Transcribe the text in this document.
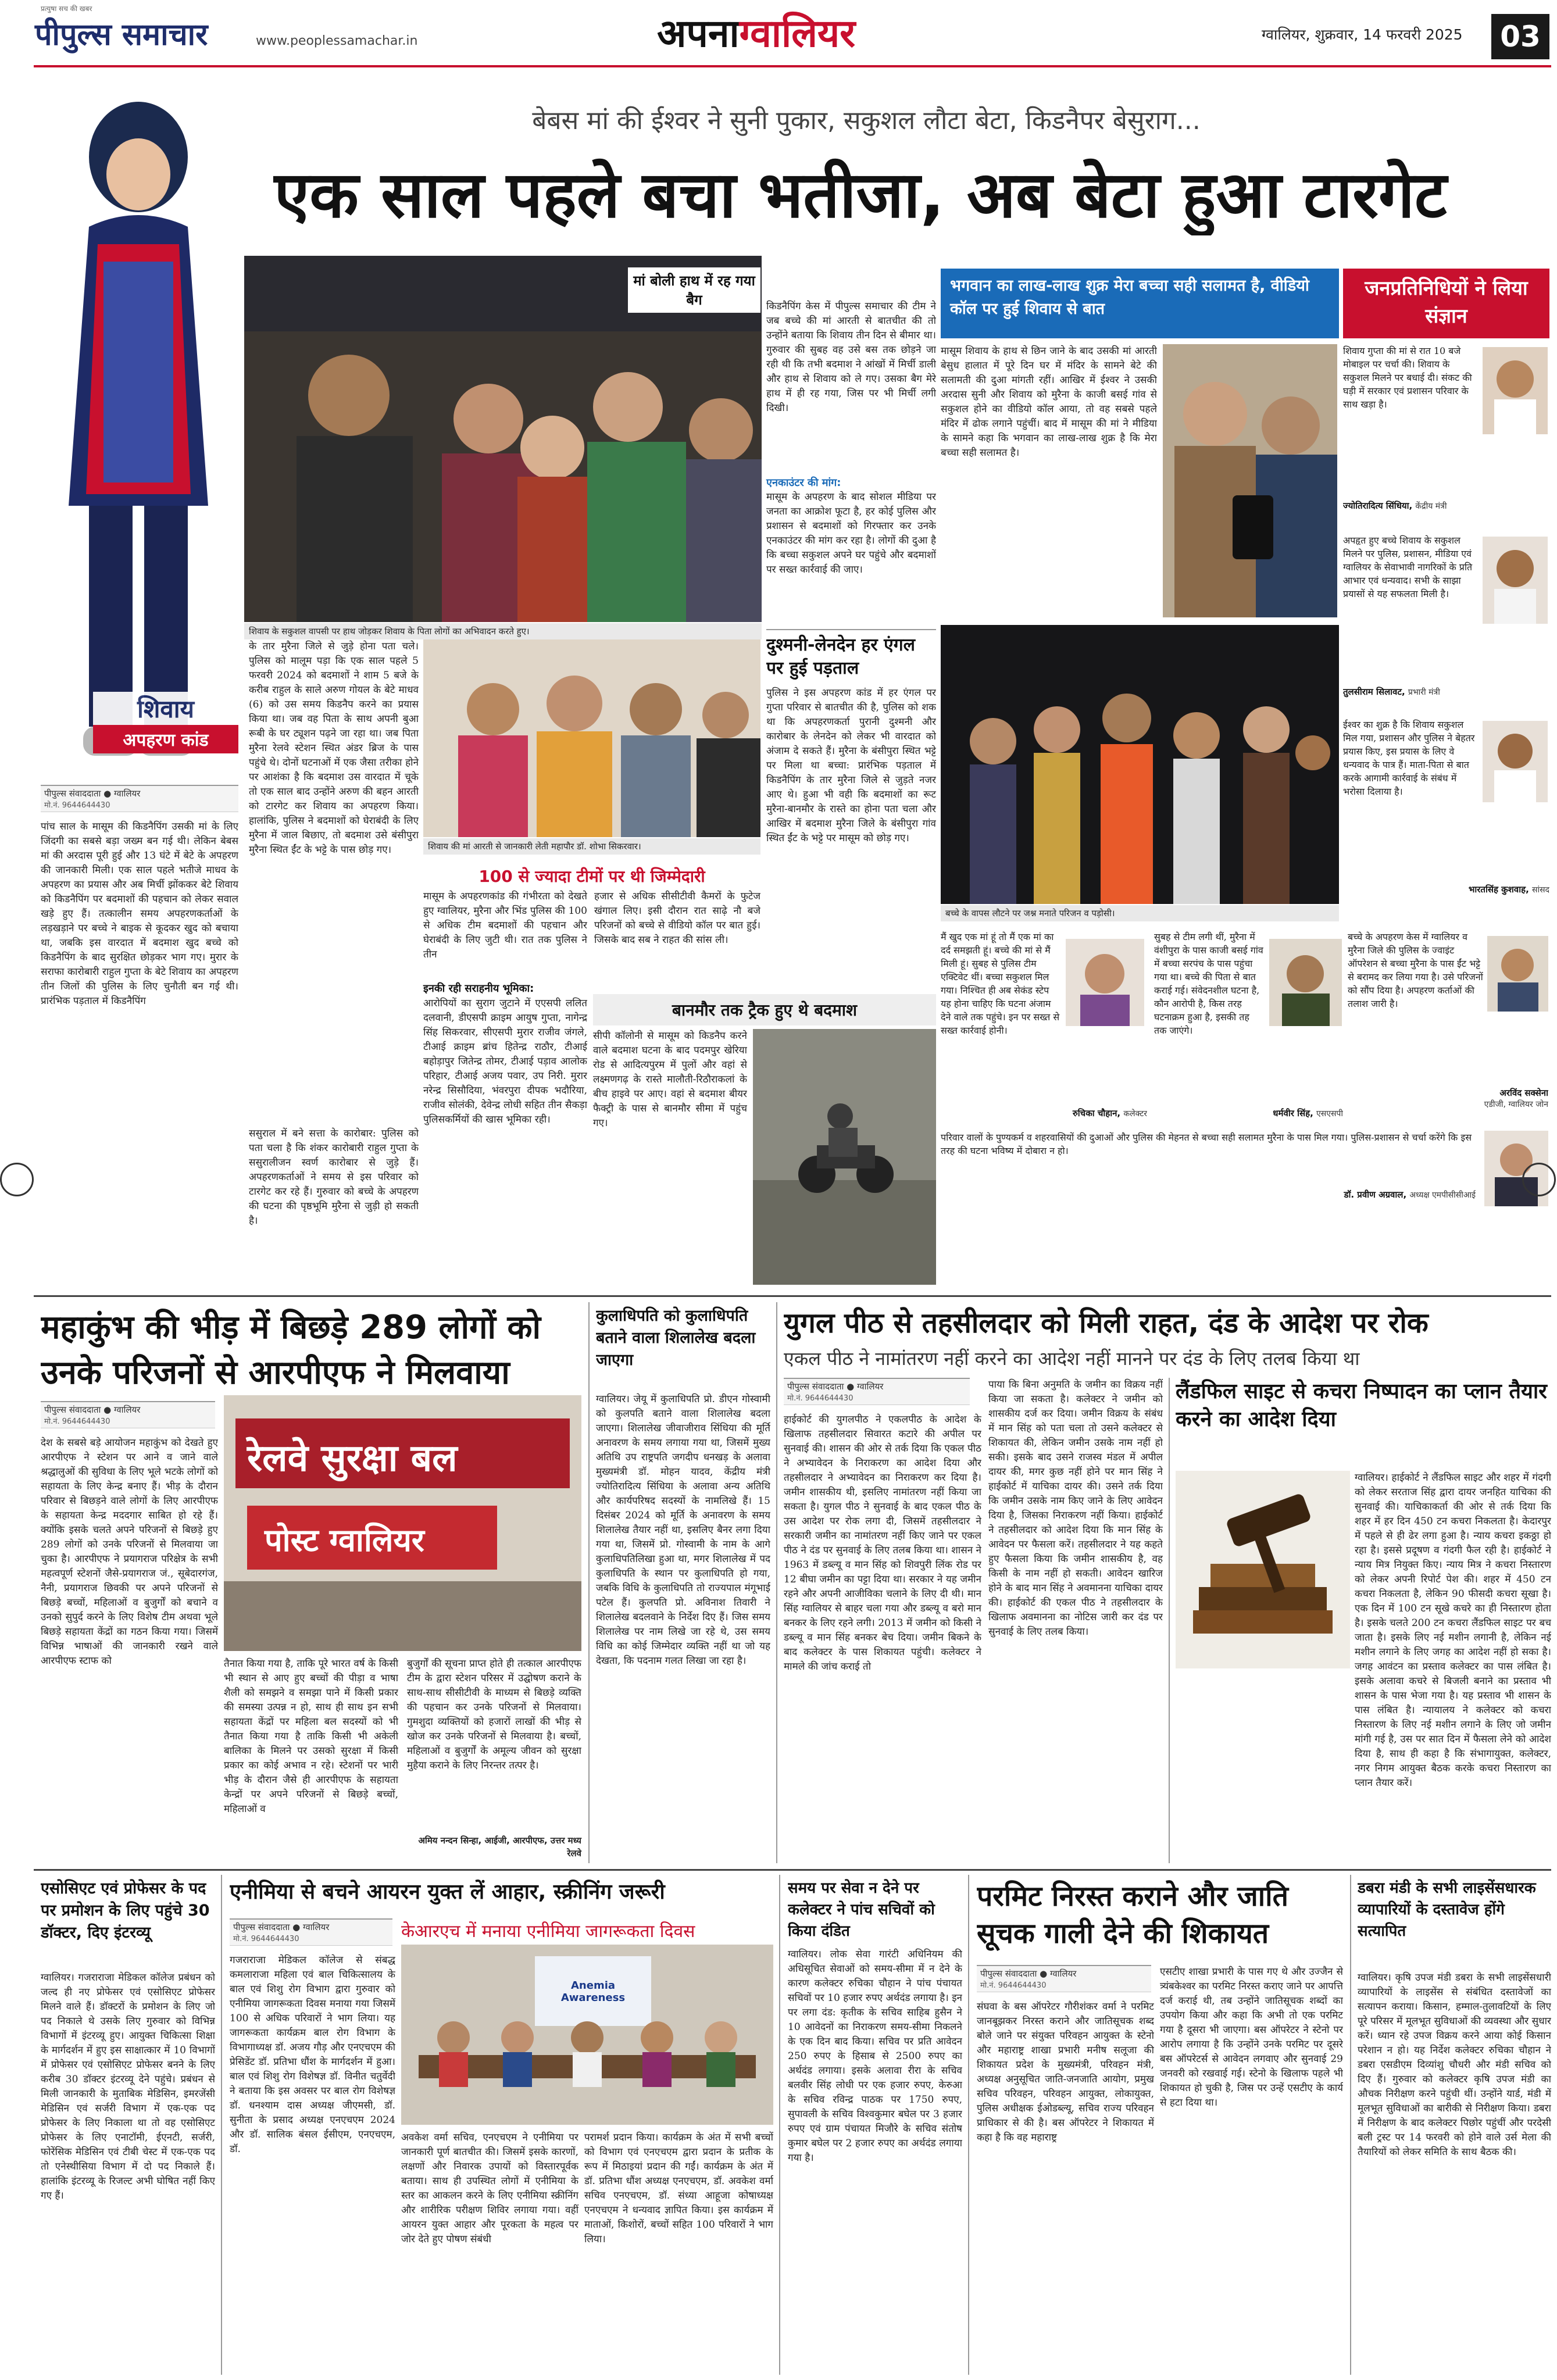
प्रत्युषा सच की खबर
पीपुल्स समाचार	www.peoplessamachar.in	अपनाग्वालियर	ग्वालियर, शुक्रवार, 14 फरवरी 2025	03
बेबस मां की ईश्वर ने सुनी पुकार, सकुशल लौटा बेटा, किडनैपर बेसुराग...
एक साल पहले बचा भतीजा, अब बेटा हुआ टारगेट
शिवाय
अपहरण कांड
मां बोली हाथ में रह गया बैग
शिवाय के सकुशल वापसी पर हाथ जोड़कर शिवाय के पिता लोगों का अभिवादन करते हुए।
किडनैपिंग केस में पीपुल्स समाचार की टीम ने जब बच्चे की मां आरती से बातचीत की तो उन्होंने बताया कि शिवाय तीन दिन से बीमार था। गुरुवार की सुबह वह उसे बस तक छोड़ने जा रही थी कि तभी बदमाश ने आंखों में मिर्ची डाली और हाथ से शिवाय को ले गए। उसका बैग मेरे हाथ में ही रह गया, जिस पर भी मिर्ची लगी दिखी।
एनकाउंटर की मांग:
मासूम के अपहरण के बाद सोशल मीडिया पर जनता का आक्रोश फूटा है, हर कोई पुलिस और प्रशासन से बदमाशों को गिरफ्तार कर उनके एनकाउंटर की मांग कर रहा है। लोगों की दुआ है कि बच्चा सकुशल अपने घर पहुंचे और बदमाशों पर सख्त कार्रवाई की जाए।
दुश्मनी-लेनदेन हर एंगल पर हुई पड़ताल
पुलिस ने इस अपहरण कांड में हर एंगल पर गुप्ता परिवार से बातचीत की है, पुलिस को शक था कि अपहरणकर्ता पुरानी दुश्मनी और कारोबार के लेनदेन को लेकर भी वारदात को अंजाम दे सकते हैं। मुरैना के बंसीपुरा स्थित भट्टे पर मिला था बच्चा: प्रारंभिक पड़ताल में किडनैपिंग के तार मुरैना जिले से जुड़ते नजर आए थे। हुआ भी वही कि बदमाशों का रूट मुरैना-बानमौर के रास्ते का होना पता चला और आखिर में बदमाश मुरैना जिले के बंसीपुरा गांव स्थित ईंट के भट्टे पर मासूम को छोड़ गए।
भगवान का लाख-लाख शुक्र मेरा बच्चा सही सलामत है, वीडियो कॉल पर हुई शिवाय से बात
मासूम शिवाय के हाथ से छिन जाने के बाद उसकी मां आरती बेसुध हालात में पूरे दिन घर में मंदिर के सामने बेटे की सलामती की दुआ मांगती रहीं। आखिर में ईश्वर ने उसकी अरदास सुनी और शिवाय को मुरैना के काजी बसई गांव से सकुशल होने का वीडियो कॉल आया, तो वह सबसे पहले मंदिर में ढोक लगाने पहुंचीं। बाद में मासूम की मां ने मीडिया के सामने कहा कि भगवान का लाख-लाख शुक्र है कि मेरा बच्चा सही सलामत है।
जनप्रतिनिधियों ने लिया संज्ञान
शिवाय गुप्ता की मां से रात 10 बजे मोबाइल पर चर्चा की। शिवाय के सकुशल मिलने पर बधाई दी। संकट की घड़ी में सरकार एवं प्रशासन परिवार के साथ खड़ा है।
ज्योतिरादित्य सिंधिया, केंद्रीय मंत्री
अपहृत हुए बच्चे शिवाय के सकुशल मिलने पर पुलिस, प्रशासन, मीडिया एवं ग्वालियर के सेवाभावी नागरिकों के प्रति आभार एवं धन्यवाद। सभी के साझा प्रयासों से यह सफलता मिली है।
तुलसीराम सिलावट, प्रभारी मंत्री
ईश्वर का शुक्र है कि शिवाय सकुशल मिल गया, प्रशासन और पुलिस ने बेहतर प्रयास किए, इस प्रयास के लिए वे धन्यवाद के पात्र हैं। माता-पिता से बात करके आगामी कार्रवाई के संबंध में भरोसा दिलाया है।
भारतसिंह कुशवाह, सांसद
पीपुल्स संवाददाता ● ग्वालियर
मो.नं. 9644644430
पांच साल के मासूम की किडनैपिंग उसकी मां के लिए जिंदगी का सबसे बड़ा जख्म बन गई थी। लेकिन बेबस मां की अरदास पूरी हुई और 13 घंटे में बेटे के अपहरण की जानकारी मिली। एक साल पहले भतीजे माधव के अपहरण का प्रयास और अब मिर्ची झोंककर बेटे शिवाय को किडनैपिंग पर बदमाशों की पहचान को लेकर सवाल खड़े हुए हैं। तत्कालीन समय अपहरणकर्ताओं के लड़खड़ाने पर बच्चे ने बाइक से कूदकर खुद को बचाया था, जबकि इस वारदात में बदमाश खुद बच्चे को किडनैपिंग के बाद सुरक्षित छोड़कर भाग गए। मुरार के सराफा कारोबारी राहुल गुप्ता के बेटे शिवाय का अपहरण तीन जिलों की पुलिस के लिए चुनौती बन गई थी। प्रारंभिक पड़ताल में किडनैपिंग
के तार मुरैना जिले से जुड़े होना पता चले। पुलिस को मालूम पड़ा कि एक साल पहले 5 फरवरी 2024 को बदमाशों ने शाम 5 बजे के करीब राहुल के साले अरुण गोयल के बेटे माधव (6) को उस समय किडनैप करने का प्रयास किया था। जब वह पिता के साथ अपनी बुआ रूबी के घर ट्यूशन पढ़ने जा रहा था। जब पिता मुरैना रेलवे स्टेशन स्थित अंडर ब्रिज के पास पहुंचे थे। दोनों घटनाओं में एक जैसा तरीका होने पर आशंका है कि बदमाश उस वारदात में चूके तो एक साल बाद उन्होंने अरुण की बहन आरती को टारगेट कर शिवाय का अपहरण किया। हालांकि, पुलिस ने बदमाशों को घेराबंदी के लिए मुरैना में जाल बिछाए, तो बदमाश उसे बंसीपुरा मुरैना स्थित ईंट के भट्टे के पास छोड़ गए।	शिवाय की मां आरती से जानकारी लेती महापौर डॉ. शोभा सिकरवार।
100 से ज्यादा टीमों पर थी जिम्मेदारी
मासूम के अपहरणकांड की गंभीरता को देखते हुए ग्वालियर, मुरैना और भिंड पुलिस की 100 से अधिक टीम बदमाशों की पहचान और घेराबंदी के लिए जुटी थी। रात तक पुलिस ने तीन
हजार से अधिक सीसीटीवी कैमरों के फुटेज खंगाल लिए। इसी दौरान रात साढ़े नौ बजे परिजनों को बच्चे से वीडियो कॉल पर बात हुई। जिसके बाद सब ने राहत की सांस ली।
इनकी रही सराहनीय भूमिका:
आरोपियों का सुराग जुटाने में एएसपी ललित दलवानी, डीएसपी क्राइम आयुष गुप्ता, नागेन्द्र सिंह सिकरवार, सीएसपी मुरार राजीव जंगले, टीआई क्राइम ब्रांच हितेन्द्र राठौर, टीआई बहोड़ापुर जितेन्द्र तोमर, टीआई पड़ाव आलोक परिहार, टीआई अजय पवार, उप निरी. मुरार नरेन्द्र सिसौदिया, भंवरपुरा दीपक भदौरिया, राजीव सोलंकी, देवेन्द्र लोधी सहित तीन सैकड़ा पुलिसकर्मियों की खास भूमिका रही।
ससुराल में बने सत्ता के कारोबार: पुलिस को पता चला है कि शंकर कारोबारी राहुल गुप्ता के ससुरालीजन स्वर्ण कारोबार से जुड़े हैं। अपहरणकर्ताओं ने समय से इस परिवार को टारगेट कर रहे हैं। गुरुवार को बच्चे के अपहरण की घटना की पृष्ठभूमि मुरैना से जुड़ी हो सकती है।
बानमौर तक ट्रैक हुए थे बदमाश
सीपी कॉलोनी से मासूम को किडनैप करने वाले बदमाश घटना के बाद पदमपुर खेरिया रोड से आदित्यपुरम में पुलों और वहां से लक्ष्मणगढ़ के रास्ते मालौती-रिठौराकलां के बीच हाइवे पर आए। वहां से बदमाश बीयर फैक्ट्री के पास से बानमौर सीमा में पहुंच गए।
बच्चे के वापस लौटने पर जश्न मनाते परिजन व पड़ोसी।
मैं खुद एक मां हूं तो मैं एक मां का दर्द समझती हूं। बच्चे की मां से मैं मिली हूं। सुबह से पुलिस टीम एक्टिवेट थीं। बच्चा सकुशल मिल गया। निश्चित ही अब सेकंड स्टेप यह होना चाहिए कि घटना अंजाम देने वाले तक पहुंचे। इन पर सख्त से सख्त कार्रवाई होनी।
रुचिका चौहान, कलेक्टर
सुबह से टीम लगी थीं, मुरैना में वंशीपुरा के पास काजी बसई गांव में बच्चा सरपंच के पास पहुंचा गया था। बच्चे की पिता से बात कराई गई। संवेदनशील घटना है, कौन आरोपी है, किस तरह घटनाक्रम हुआ है, इसकी तह तक जाएंगे।
धर्मवीर सिंह, एसएसपी
बच्चे के अपहरण केस में ग्वालियर व मुरैना जिले की पुलिस के ज्वाइंट ऑपरेशन से बच्चा मुरैना के पास ईंट भट्टे से बरामद कर लिया गया है। उसे परिजनों को सौंप दिया है। अपहरण कर्ताओं की तलाश जारी है।
अरविंद सक्सेना
एडीजी, ग्वालियर जोन
परिवार वालों के पुण्यकर्म व शहरवासियों की दुआओं और पुलिस की मेहनत से बच्चा सही सलामत मुरैना के पास मिल गया। पुलिस-प्रशासन से चर्चा करेंगे कि इस तरह की घटना भविष्य में दोबारा न हो।
डॉ. प्रवीण अग्रवाल, अध्यक्ष एमपीसीसीआई
महाकुंभ की भीड़ में बिछड़े 289 लोगों को उनके परिजनों से आरपीएफ ने मिलवाया
पीपुल्स संवाददाता ● ग्वालियर
मो.नं. 9644644430
रेलवे सुरक्षा बल
पोस्ट ग्वालियर
देश के सबसे बड़े आयोजन महाकुंभ को देखते हुए आरपीएफ ने स्टेशन पर आने व जाने वाले श्रद्धालुओं की सुविधा के लिए भूले भटके लोगों को सहायता के लिए केन्द्र बनाए हैं। भीड़ के दौरान परिवार से बिछड़ने वाले लोगों के लिए आरपीएफ के सहायता केन्द्र मददगार साबित हो रहे हैं। क्योंकि इसके चलते अपने परिजनों से बिछड़े हुए 289 लोगों को उनके परिजनों से मिलवाया जा चुका है। आरपीएफ ने प्रयागराज परिक्षेत्र के सभी महत्वपूर्ण स्टेशनों जैसे-प्रयागराज जं., सूबेदारगंज, नैनी, प्रयागराज छिवकी पर अपने परिजनों से बिछड़े बच्चों, महिलाओं व बुजुर्गों को बचाने व उनको सुपुर्द करने के लिए विशेष टीम अथवा भूले बिछड़े सहायता केंद्रों का गठन किया गया। जिसमें विभिन्न भाषाओं की जानकारी रखने वाले आरपीएफ स्टाफ को	तैनात किया गया है, ताकि पूरे भारत वर्ष के किसी भी स्थान से आए हुए बच्चों की पीड़ा व भाषा शैली को समझने व समझा पाने में किसी प्रकार की समस्या उत्पन्न न हो, साथ ही साथ इन सभी सहायता केंद्रों पर महिला बल सदस्यों को भी तैनात किया गया है ताकि किसी भी अकेली बालिका के मिलने पर उसको सुरक्षा में किसी प्रकार का कोई अभाव न रहे। स्टेशनों पर भारी भीड़ के दौरान जैसे ही आरपीएफ के सहायता केन्द्रों पर अपने परिजनों से बिछड़े बच्चों, महिलाओं व
बुजुर्गों की सूचना प्राप्त होते ही तत्काल आरपीएफ टीम के द्वारा स्टेशन परिसर में उद्घोषण कराने के साथ-साथ सीसीटीवी के माध्यम से बिछड़े व्यक्ति की पहचान कर उनके परिजनों से मिलवाया। गुमशुदा व्यक्तियों को हजारों लाखों की भीड़ से खोज कर उनके परिजनों से मिलवाया है। बच्चों, महिलाओं व बुजुर्गों के अमूल्य जीवन को सुरक्षा मुहैया कराने के लिए निरन्तर तत्पर है।
अमिय नन्दन सिन्हा, आईजी, आरपीएफ, उत्तर मध्य रेलवे
कुलाधिपति को कुलाधिपति बताने वाला शिलालेख बदला जाएगा
ग्वालियर। जेयू में कुलाधिपति प्रो. डीएन गोस्वामी को कुलपति बताने वाला शिलालेख बदला जाएगा। शिलालेख जीवाजीराव सिंधिया की मूर्ति अनावरण के समय लगाया गया था, जिसमें मुख्य अतिथि उप राष्ट्रपति जगदीप धनखड़ के अलावा मुख्यमंत्री डॉ. मोहन यादव, केंद्रीय मंत्री ज्योतिरादित्य सिंधिया के अलावा अन्य अतिथि और कार्यपरिषद सदस्यों के नामलिखे हैं। 15 दिसंबर 2024 को मूर्ति के अनावरण के समय शिलालेख तैयार नहीं था, इसलिए बैनर लगा दिया गया था, जिसमें प्रो. गोस्वामी के नाम के आगे कुलाधिपतिलिखा हुआ था, मगर शिलालेख में पद कुलाधिपति के स्थान पर कुलाधिपति हो गया, जबकि विधि के कुलाधिपति तो राज्यपाल मंगूभाई पटेल हैं। कुलपति प्रो. अविनाश तिवारी ने शिलालेख बदलवाने के निर्देश दिए हैं। जिस समय शिलालेख पर नाम लिखे जा रहे थे, उस समय विधि का कोई जिम्मेदार व्यक्ति नहीं था जो यह देखता, कि पदनाम गलत लिखा जा रहा है।
युगल पीठ से तहसीलदार को मिली राहत, दंड के आदेश पर रोक
एकल पीठ ने नामांतरण नहीं करने का आदेश नहीं मानने पर दंड के लिए तलब किया था
पीपुल्स संवाददाता ● ग्वालियर
मो.नं. 9644644430
हाईकोर्ट की युगलपीठ ने एकलपीठ के आदेश के खिलाफ तहसीलदार सिवारत कटारे की अपील पर सुनवाई की। शासन की ओर से तर्क दिया कि एकल पीठ ने अभ्यावेदन के निराकरण का आदेश दिया और तहसीलदार ने अभ्यावेदन का निराकरण कर दिया है। जमीन शासकीय थी, इसलिए नामांतरण नहीं किया जा सकता है। युगल पीठ ने सुनवाई के बाद एकल पीठ के उस आदेश पर रोक लगा दी, जिसमें तहसीलदार ने सरकारी जमीन का नामांतरण नहीं किए जाने पर एकल पीठ ने दंड पर सुनवाई के लिए तलब किया था। शासन ने 1963 में डब्ल्यू व मान सिंह को शिवपुरी लिंक रोड पर 12 बीघा जमीन का पट्टा दिया था। सरकार ने यह जमीन रहने और अपनी आजीविका चलाने के लिए दी थी। मान सिंह ग्वालियर से बाहर चला गया और डब्ल्यू व बरो मान बनकर के लिए रहने लगी। 2013 में जमीन को किसी ने डब्ल्यू व मान सिंह बनकर बेच दिया। जमीन बिकने के बाद कलेक्टर के पास शिकायत पहुंची। कलेक्टर ने मामले की जांच कराई तो
पाया कि बिना अनुमति के जमीन का विक्रय नहीं किया जा सकता है। कलेक्टर ने जमीन को शासकीय दर्ज कर दिया। जमीन विक्रय के संबंध में मान सिंह को पता चला तो उसने कलेक्टर से शिकायत की, लेकिन जमीन उसके नाम नहीं हो सकी। इसके बाद उसने राजस्व मंडल में अपील दायर की, मगर कुछ नहीं होने पर मान सिंह ने हाईकोर्ट में याचिका दायर की। उसने तर्क दिया कि जमीन उसके नाम किए जाने के लिए आवेदन दिया है, जिसका निराकरण नहीं किया। हाईकोर्ट ने तहसीलदार को आदेश दिया कि मान सिंह के आवेदन पर फैसला करें। तहसीलदार ने यह कहते हुए फैसला किया कि जमीन शासकीय है, वह किसी के नाम नहीं हो सकती। आवेदन खारिज होने के बाद मान सिंह ने अवमानना याचिका दायर की। हाईकोर्ट की एकल पीठ ने तहसीलदार के खिलाफ अवमानना का नोटिस जारी कर दंड पर सुनवाई के लिए तलब किया।
लैंडफिल साइट से कचरा निष्पादन का प्लान तैयार करने का आदेश दिया
ग्वालियर। हाईकोर्ट ने लैंडफिल साइट और शहर में गंदगी को लेकर सरताज सिंह द्वारा दायर जनहित याचिका की सुनवाई की। याचिकाकर्ता की ओर से तर्क दिया कि शहर में हर दिन 450 टन कचरा निकलता है। केदारपुर में पहले से ही ढेर लगा हुआ है। न्याय कचरा इकठ्ठा हो रहा है। इससे प्रदूषण व गंदगी फैल रही है। हाईकोर्ट ने न्याय मित्र नियुक्त किए। न्याय मित्र ने कचरा निस्तारण को लेकर अपनी रिपोर्ट पेश की। शहर में 450 टन कचरा निकलता है, लेकिन 90 फीसदी कचरा सूखा है। एक दिन में 100 टन सूखे कचरे का ही निस्तारण होता है। इसके चलते 200 टन कचरा लैंडफिल साइट पर बच जाता है। इसके लिए नई मशीन लगानी है, लेकिन नई मशीन लगाने के लिए जगह का आदेश नहीं हो सका है। जगह आवंटन का प्रस्ताव कलेक्टर का पास लंबित है। इसके अलावा कचरे से बिजली बनाने का प्रस्ताव भी शासन के पास भेजा गया है। यह प्रस्ताव भी शासन के पास लंबित है। न्यायालय ने कलेक्टर को कचरा निस्तारण के लिए नई मशीन लगाने के लिए जो जमीन मांगी गई है, उस पर सात दिन में फैसला लेने को आदेश दिया है, साथ ही कहा है कि संभागायुक्त, कलेक्टर, नगर निगम आयुक्त बैठक करके कचरा निस्तारण का प्लान तैयार करें।
एसोसिएट एवं प्रोफेसर के पद पर प्रमोशन के लिए पहुंचे 30 डॉक्टर, दिए इंटरव्यू
ग्वालियर। गजराराजा मेडिकल कॉलेज प्रबंधन को जल्द ही नए प्रोफेसर एवं एसोसिएट प्रोफेसर मिलने वाले हैं। डॉक्टरों के प्रमोशन के लिए जो पद निकाले थे उसके लिए गुरुवार को विभिन्न विभागों में इंटरव्यू हुए। आयुक्त चिकित्सा शिक्षा के मार्गदर्शन में हुए इस साक्षात्कार में 10 विभागों में प्रोफेसर एवं एसोसिएट प्रोफेसर बनने के लिए करीब 30 डॉक्टर इंटरव्यू देने पहुंचे। प्रबंधन से मिली जानकारी के मुताबिक मेडिसिन, इमरजेंसी मेडिसिन एवं सर्जरी विभाग में एक-एक पद प्रोफेसर के लिए निकाला था तो वह एसोसिएट प्रोफेसर के लिए एनाटॉमी, ईएनटी, सर्जरी, फोरेंसिक मेडिसिन एवं टीबी चेस्ट में एक-एक पद तो एनेस्थीसिया विभाग में दो पद निकाले हैं। हालांकि इंटरव्यू के रिजल्ट अभी घोषित नहीं किए गए हैं।
एनीमिया से बचने आयरन युक्त लें आहार, स्क्रीनिंग जरूरी
पीपुल्स संवाददाता ● ग्वालियर
मो.नं. 9644644430	केआरएच में मनाया एनीमिया जागरूकता दिवस
Anemia Awareness
गजराराजा मेडिकल कॉलेज से संबद्ध कमलाराजा महिला एवं बाल चिकित्सालय के बाल एवं शिशु रोग विभाग द्वारा गुरुवार को एनीमिया जागरूकता दिवस मनाया गया जिसमें 100 से अधिक परिवारों ने भाग लिया। यह जागरूकता कार्यक्रम बाल रोग विभाग के विभागाध्यक्ष डॉ. अजय गौड़ और एनएचएम की प्रेसिडेंट डॉ. प्रतिभा धौंश के मार्गदर्शन में हुआ। बाल एवं शिशु रोग विशेषज्ञ डॉ. विनीत चतुर्वेदी ने बताया कि इस अवसर पर बाल रोग विशेषज्ञ डॉ. धनश्याम दास अध्यक्ष जीएमसी, डॉ. सुनीता के प्रसाद अध्यक्ष एनएचएम 2024 और डॉ. सालिक बंसल ईसीएम, एनएचएम, डॉ.
अवकेश वर्मा सचिव, एनएचएम ने एनीमिया पर जानकारी पूर्ण बातचीत की। जिसमें इसके कारणों, लक्षणों और निवारक उपायों को विस्तारपूर्वक बताया। साथ ही उपस्थित लोगों में एनीमिया के स्तर का आकलन करने के लिए एनीमिया स्क्रीनिंग और शारीरिक परीक्षण शिविर लगाया गया। वहीं आयरन युक्त आहार और पूरकता के महत्व पर जोर देते हुए पोषण संबंधी
परामर्श प्रदान किया। कार्यक्रम के अंत में सभी बच्चों को विभाग एवं एनएचएम द्वारा प्रदान के प्रतीक के रूप में मिठाइयां प्रदान की गईं। कार्यक्रम के अंत में डॉ. प्रतिभा धौंश अध्यक्ष एनएचएम, डॉ. अवकेश वर्मा सचिव एनएचएम, डॉ. संध्या आहूजा कोषाध्यक्ष एनएचएम ने धन्यवाद ज्ञापित किया। इस कार्यक्रम में माताओं, किशोरों, बच्चों सहित 100 परिवारों ने भाग लिया।
समय पर सेवा न देने पर कलेक्टर ने पांच सचिवों को किया दंडित
ग्वालियर। लोक सेवा गारंटी अधिनियम की अधिसूचित सेवाओं को समय-सीमा में न देने के कारण कलेक्टर रुचिका चौहान ने पांच पंचायत सचिवों पर 10 हजार रुपए अर्थदंड लगाया है। इन पर लगा दंड: कृतीक के सचिव साहिब हुसैन ने 10 आवेदनों का निराकरण समय-सीमा निकलने के एक दिन बाद किया। सचिव पर प्रति आवेदन 250 रुपए के हिसाब से 2500 रुपए का अर्थदंड लगाया। इसके अलावा रीरा के सचिव बलवीर सिंह लोधी पर एक हजार रुपए, केरुआ के सचिव रविन्द्र पाठक पर 1750 रुपए, सुपावली के सचिव विश्वकुमार बघेल पर 3 हजार रुपए एवं ग्राम पंचायत मिजौरे के सचिव संतोष कुमार बघेल पर 2 हजार रुपए का अर्थदंड लगाया गया है।
परमिट निरस्त कराने और जाति सूचक गाली देने की शिकायत
पीपुल्स संवाददाता ● ग्वालियर
मो.नं. 9644644430
संघवा के बस ऑपरेटर गौरीशंकर वर्मा ने परमिट जानबूझकर निरस्त कराने और जातिसूचक शब्द बोले जाने पर संयुक्त परिवहन आयुक्त के स्टेनो और महाराष्ट्र शाखा प्रभारी मनीष सलूजा की शिकायत प्रदेश के मुख्यमंत्री, परिवहन मंत्री, अध्यक्ष अनुसूचित जाति-जनजाति आयोग, प्रमुख सचिव परिवहन, परिवहन आयुक्त, लोकायुक्त, पुलिस अधीक्षक ईओडब्ल्यू, सचिव राज्य परिवहन प्राधिकार से की है। बस ऑपरेटर ने शिकायत में कहा है कि वह महाराष्ट्र
एसटीए शाखा प्रभारी के पास गए थे और उज्जैन से त्र्यंबकेश्वर का परमिट निरस्त कराए जाने पर आपत्ति दर्ज कराई थी, तब उन्होंने जातिसूचक शब्दों का उपयोग किया और कहा कि अभी तो एक परमिट गया है दूसरा भी जाएगा। बस ऑपरेटर ने स्टेनो पर आरोप लगाया है कि उन्होंने उनके परमिट पर दूसरे बस ऑपरेटर्स से आवेदन लगवाए और सुनवाई 29 जनवरी को रखवाई गई। स्टेनो के खिलाफ पहले भी शिकायत हो चुकी है, जिस पर उन्हें एसटीए के कार्य से हटा दिया था।
डबरा मंडी के सभी लाइसेंसधारक व्यापारियों के दस्तावेज होंगे सत्यापित
ग्वालियर। कृषि उपज मंडी डबरा के सभी लाइसेंसधारी व्यापारियों के लाइसेंस से संबंधित दस्तावेजों का सत्यापन कराया। किसान, हम्माल-तुलावटियों के लिए पूरे परिसर में मूलभूत सुविधाओं की व्यवस्था और सुधार करें। ध्यान रहे उपज विक्रय करने आया कोई किसान परेशान न हो। यह निर्देश कलेक्टर रुचिका चौहान ने डबरा एसडीएम दिव्यांशु चौधरी और मंडी सचिव को दिए हैं। गुरुवार को कलेक्टर कृषि उपज मंडी का औचक निरीक्षण करने पहुंची थीं। उन्होंने यार्ड, मंडी में मूलभूत सुविधाओं का बारीकी से निरीक्षण किया। डबरा में निरीक्षण के बाद कलेक्टर पिछोर पहुंचीं और परदेसी बली ट्रस्ट पर 14 फरवरी को होने वाले उर्स मेला की तैयारियों को लेकर समिति के साथ बैठक की।
